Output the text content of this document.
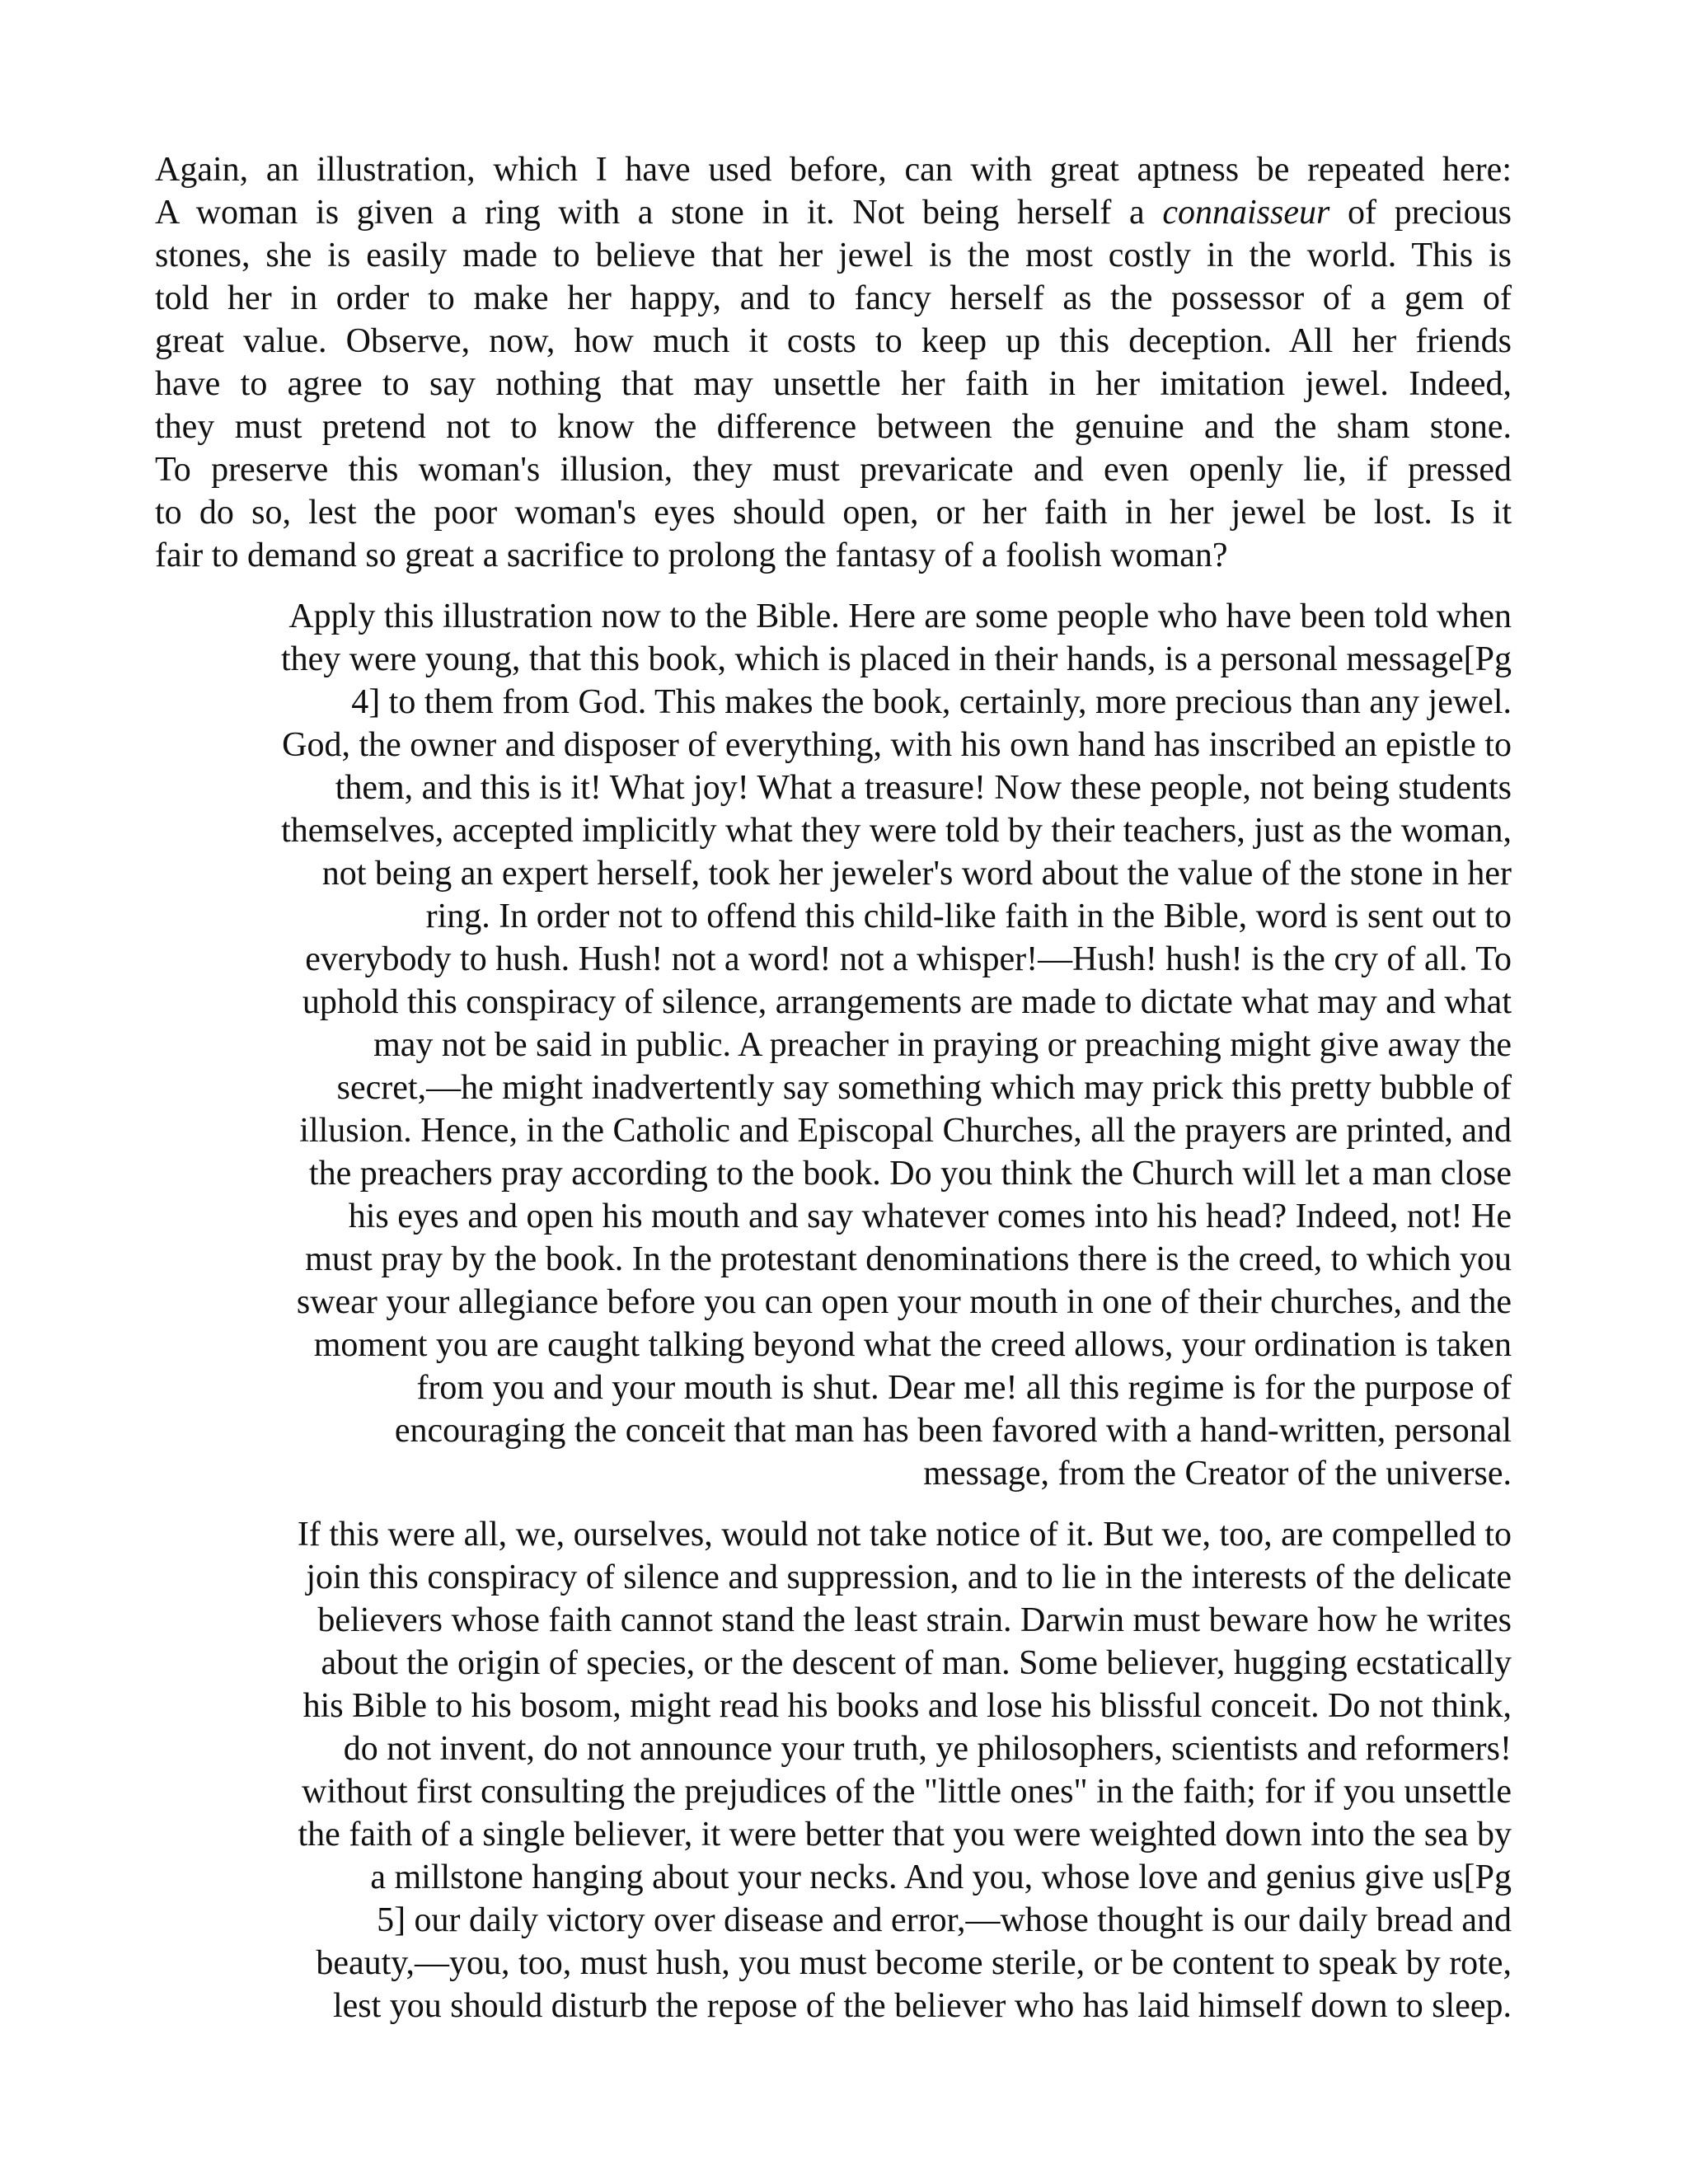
Again, an illustration, which I have used before, can with great aptness be repeated here:
A woman is given a ring with a stone in it. Not being herself a connaisseur of precious
stones, she is easily made to believe that her jewel is the most costly in the world. This is
told her in order to make her happy, and to fancy herself as the possessor of a gem of
great value. Observe, now, how much it costs to keep up this deception. All her friends
have to agree to say nothing that may unsettle her faith in her imitation jewel. Indeed,
they must pretend not to know the difference between the genuine and the sham stone.
To preserve this woman's illusion, they must prevaricate and even openly lie, if pressed
to do so, lest the poor woman's eyes should open, or her faith in her jewel be lost. Is it
fair to demand so great a sacrifice to prolong the fantasy of a foolish woman?
Apply this illustration now to the Bible. Here are some people who have been told when
they were young, that this book, which is placed in their hands, is a personal message[Pg
4] to them from God. This makes the book, certainly, more precious than any jewel.
God, the owner and disposer of everything, with his own hand has inscribed an epistle to
them, and this is it! What joy! What a treasure! Now these people, not being students
themselves, accepted implicitly what they were told by their teachers, just as the woman,
not being an expert herself, took her jeweler's word about the value of the stone in her
ring. In order not to offend this child-like faith in the Bible, word is sent out to
everybody to hush. Hush! not a word! not a whisper!—Hush! hush! is the cry of all. To
uphold this conspiracy of silence, arrangements are made to dictate what may and what
may not be said in public. A preacher in praying or preaching might give away the
secret,—he might inadvertently say something which may prick this pretty bubble of
illusion. Hence, in the Catholic and Episcopal Churches, all the prayers are printed, and
the preachers pray according to the book. Do you think the Church will let a man close
his eyes and open his mouth and say whatever comes into his head? Indeed, not! He
must pray by the book. In the protestant denominations there is the creed, to which you
swear your allegiance before you can open your mouth in one of their churches, and the
moment you are caught talking beyond what the creed allows, your ordination is taken
from you and your mouth is shut. Dear me! all this regime is for the purpose of
encouraging the conceit that man has been favored with a hand-written, personal
message, from the Creator of the universe.
If this were all, we, ourselves, would not take notice of it. But we, too, are compelled to
join this conspiracy of silence and suppression, and to lie in the interests of the delicate
believers whose faith cannot stand the least strain. Darwin must beware how he writes
about the origin of species, or the descent of man. Some believer, hugging ecstatically
his Bible to his bosom, might read his books and lose his blissful conceit. Do not think,
do not invent, do not announce your truth, ye philosophers, scientists and reformers!
without first consulting the prejudices of the "little ones" in the faith; for if you unsettle
the faith of a single believer, it were better that you were weighted down into the sea by
a millstone hanging about your necks. And you, whose love and genius give us[Pg
5] our daily victory over disease and error,—whose thought is our daily bread and
beauty,—you, too, must hush, you must become sterile, or be content to speak by rote,
lest you should disturb the repose of the believer who has laid himself down to sleep.
